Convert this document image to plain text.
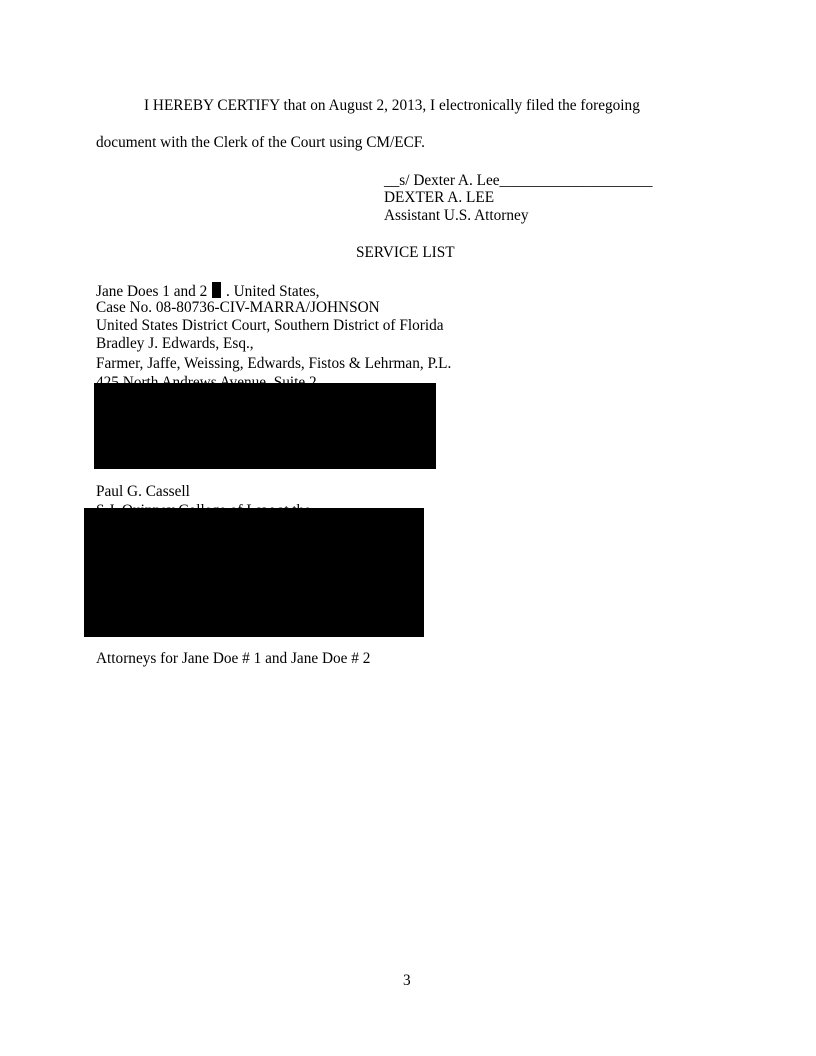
I HEREBY CERTIFY that on August 2, 2013, I electronically filed the foregoing
document with the Clerk of the Court using CM/ECF.
__s/ Dexter A. Lee____________________
DEXTER A. LEE
Assistant U.S. Attorney
SERVICE LIST
Jane Does 1 and 2 . United States,
Case No. 08-80736-CIV-MARRA/JOHNSON
United States District Court, Southern District of Florida
Bradley J. Edwards, Esq.,
Farmer, Jaffe, Weissing, Edwards, Fistos & Lehrman, P.L.
Paul G. Cassell
Attorneys for Jane Doe # 1 and Jane Doe # 2
3
